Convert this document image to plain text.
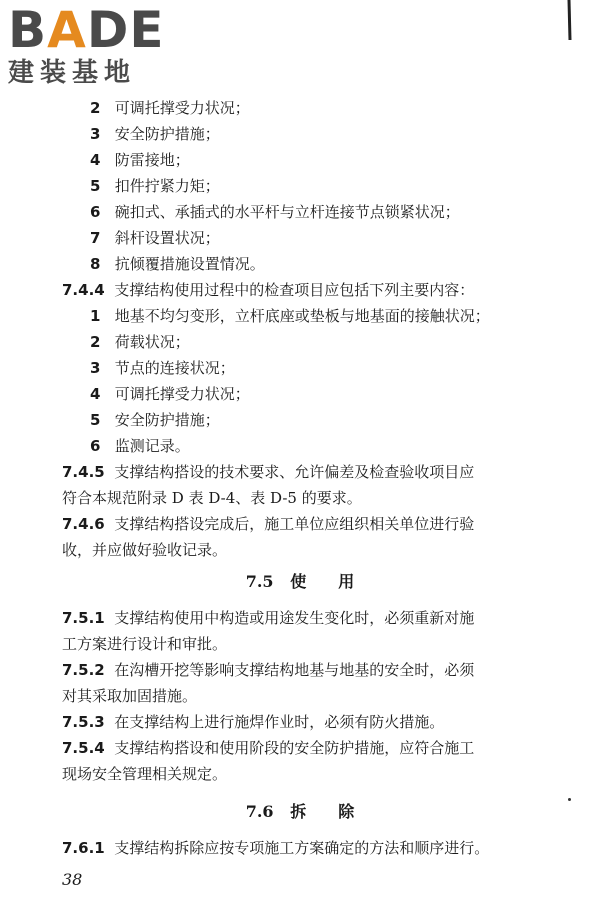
BADE
建装基地
2 可调托撑受力状况；
3 安全防护措施；
4 防雷接地；
5 扣件拧紧力矩；
6 碗扣式、承插式的水平杆与立杆连接节点锁紧状况；
7 斜杆设置状况；
8 抗倾覆措施设置情况。
7.4.4 支撑结构使用过程中的检查项目应包括下列主要内容：
1 地基不均匀变形，立杆底座或垫板与地基面的接触状况；
2 荷载状况；
3 节点的连接状况；
4 可调托撑受力状况；
5 安全防护措施；
6 监测记录。
7.4.5 支撑结构搭设的技术要求、允许偏差及检查验收项目应
符合本规范附录 D 表 D-4、表 D-5 的要求。
7.4.6 支撑结构搭设完成后，施工单位应组织相关单位进行验
收，并应做好验收记录。
7.5 使　　用
7.5.1 支撑结构使用中构造或用途发生变化时，必须重新对施
工方案进行设计和审批。
7.5.2 在沟槽开挖等影响支撑结构地基与地基的安全时，必须
对其采取加固措施。
7.5.3 在支撑结构上进行施焊作业时，必须有防火措施。
7.5.4 支撑结构搭设和使用阶段的安全防护措施，应符合施工
现场安全管理相关规定。
7.6 拆　　除
7.6.1 支撑结构拆除应按专项施工方案确定的方法和顺序进行。
38
